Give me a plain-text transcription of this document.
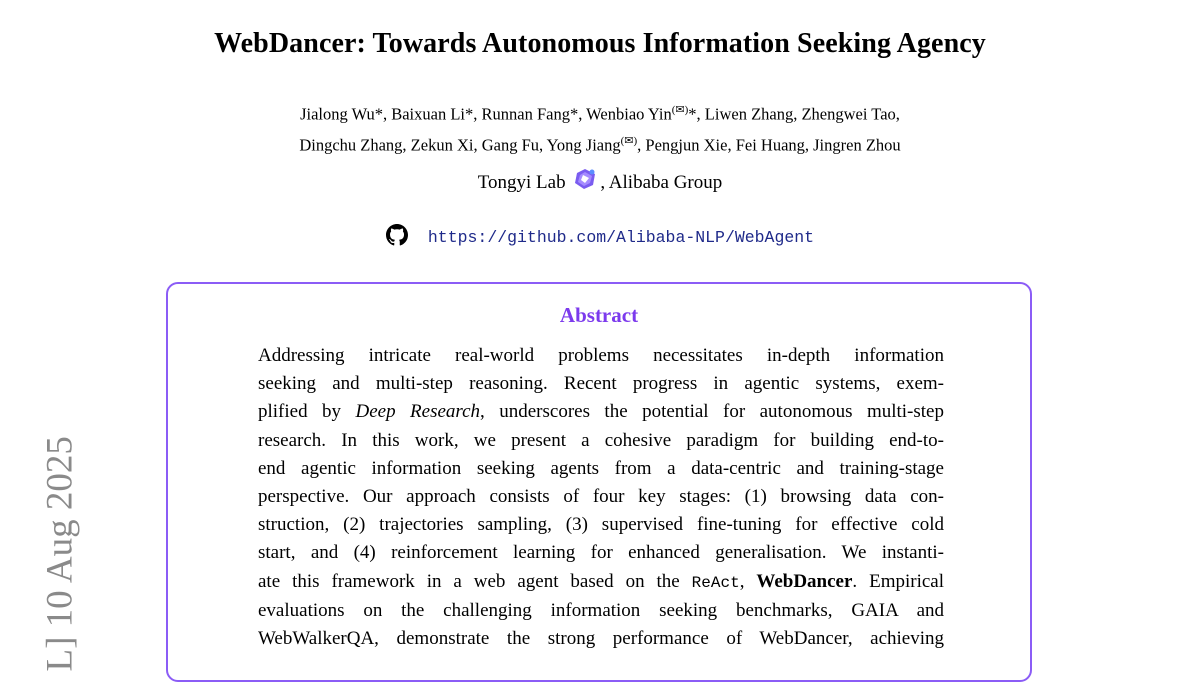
WebDancer: Towards Autonomous Information Seeking Agency
Jialong Wu*, Baixuan Li*, Runnan Fang*, Wenbiao Yin(✉)*, Liwen Zhang, Zhengwei Tao,
Dingchu Zhang, Zekun Xi, Gang Fu, Yong Jiang(✉), Pengjun Xie, Fei Huang, Jingren Zhou
Tongyi Lab , Alibaba Group
https://github.com/Alibaba-NLP/WebAgent
Abstract
Addressing intricate real-world problems necessitates in-depth information
seeking and multi-step reasoning. Recent progress in agentic systems, exem-
plified by Deep Research, underscores the potential for autonomous multi-step
research. In this work, we present a cohesive paradigm for building end-to-
end agentic information seeking agents from a data-centric and training-stage
perspective. Our approach consists of four key stages: (1) browsing data con-
struction, (2) trajectories sampling, (3) supervised fine-tuning for effective cold
start, and (4) reinforcement learning for enhanced generalisation. We instanti-
ate this framework in a web agent based on the ReAct, WebDancer. Empirical
evaluations on the challenging information seeking benchmarks, GAIA and
WebWalkerQA, demonstrate the strong performance of WebDancer, achieving
L] 10 Aug 2025
